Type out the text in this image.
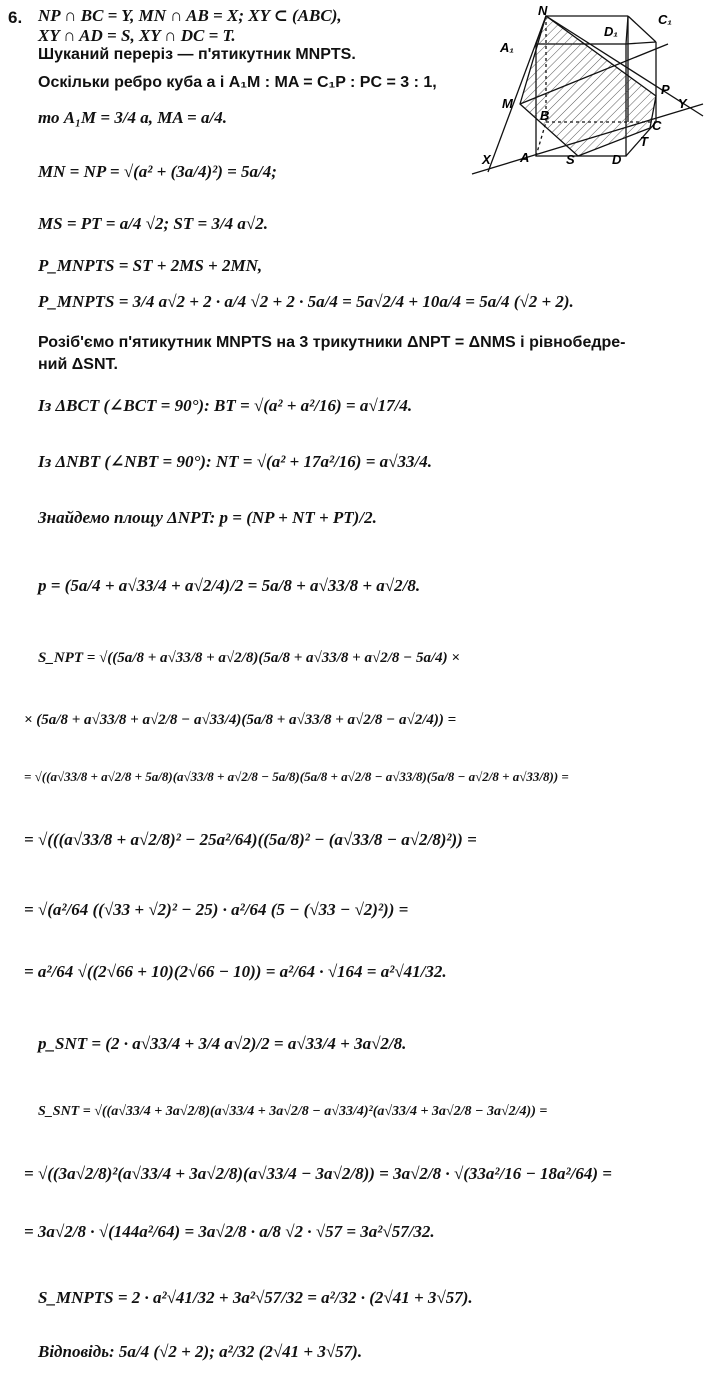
6.	N
C₁
A₁
D₁
M
B
P
Y
C
T
X A	S	D
NP ∩ BC = Y, MN ∩ AB = X; XY ⊂ (ABC),
XY ∩ AD = S, XY ∩ DC = T.
Шуканий переріз — п'ятикутник MNPTS.
Оскільки ребро куба a і A₁M : MA = C₁P : PC = 3 : 1,
то A₁M = 3/4 a, MA = a/4.
MN = NP = √(a² + (3a/4)²) = 5a/4;
MS = PT = a/4 √2; ST = 3/4 a√2.
P_MNPTS = ST + 2MS + 2MN,
P_MNPTS = 3/4 a√2 + 2 · a/4 √2 + 2 · 5a/4 = 5a√2/4 + 10a/4 = 5a/4 (√2 + 2).
Розіб'ємо п'ятикутник MNPTS на 3 трикутники ΔNPT = ΔNMS і рівнобедре-
ний ΔSNT.
Із ΔBCT (∠BCT = 90°): BT = √(a² + a²/16) = a√17/4.
Із ΔNBT (∠NBT = 90°): NT = √(a² + 17a²/16) = a√33/4.
Знайдемо площу ΔNPT: p = (NP + NT + PT)/2.
p = (5a/4 + a√33/4 + a√2/4)/2 = 5a/8 + a√33/8 + a√2/8.
S_NPT = √((5a/8 + a√33/8 + a√2/8)(5a/8 + a√33/8 + a√2/8 − 5a/4) ×
× (5a/8 + a√33/8 + a√2/8 − a√33/4)(5a/8 + a√33/8 + a√2/8 − a√2/4)) =
= √((a√33/8 + a√2/8 + 5a/8)(a√33/8 + a√2/8 − 5a/8)(5a/8 + a√2/8 − a√33/8)(5a/8 − a√2/8 + a√33/8)) =
= √(((a√33/8 + a√2/8)² − 25a²/64)((5a/8)² − (a√33/8 − a√2/8)²)) =
= √(a²/64 ((√33 + √2)² − 25) · a²/64 (5 − (√33 − √2)²)) =
= a²/64 √((2√66 + 10)(2√66 − 10)) = a²/64 · √164 = a²√41/32.
p_SNT = (2 · a√33/4 + 3/4 a√2)/2 = a√33/4 + 3a√2/8.
S_SNT = √((a√33/4 + 3a√2/8)(a√33/4 + 3a√2/8 − a√33/4)²(a√33/4 + 3a√2/8 − 3a√2/4)) =
= √((3a√2/8)²(a√33/4 + 3a√2/8)(a√33/4 − 3a√2/8)) = 3a√2/8 · √(33a²/16 − 18a²/64) =
= 3a√2/8 · √(144a²/64) = 3a√2/8 · a/8 √2 · √57 = 3a²√57/32.
S_MNPTS = 2 · a²√41/32 + 3a²√57/32 = a²/32 · (2√41 + 3√57).
Відповідь: 5a/4 (√2 + 2); a²/32 (2√41 + 3√57).
